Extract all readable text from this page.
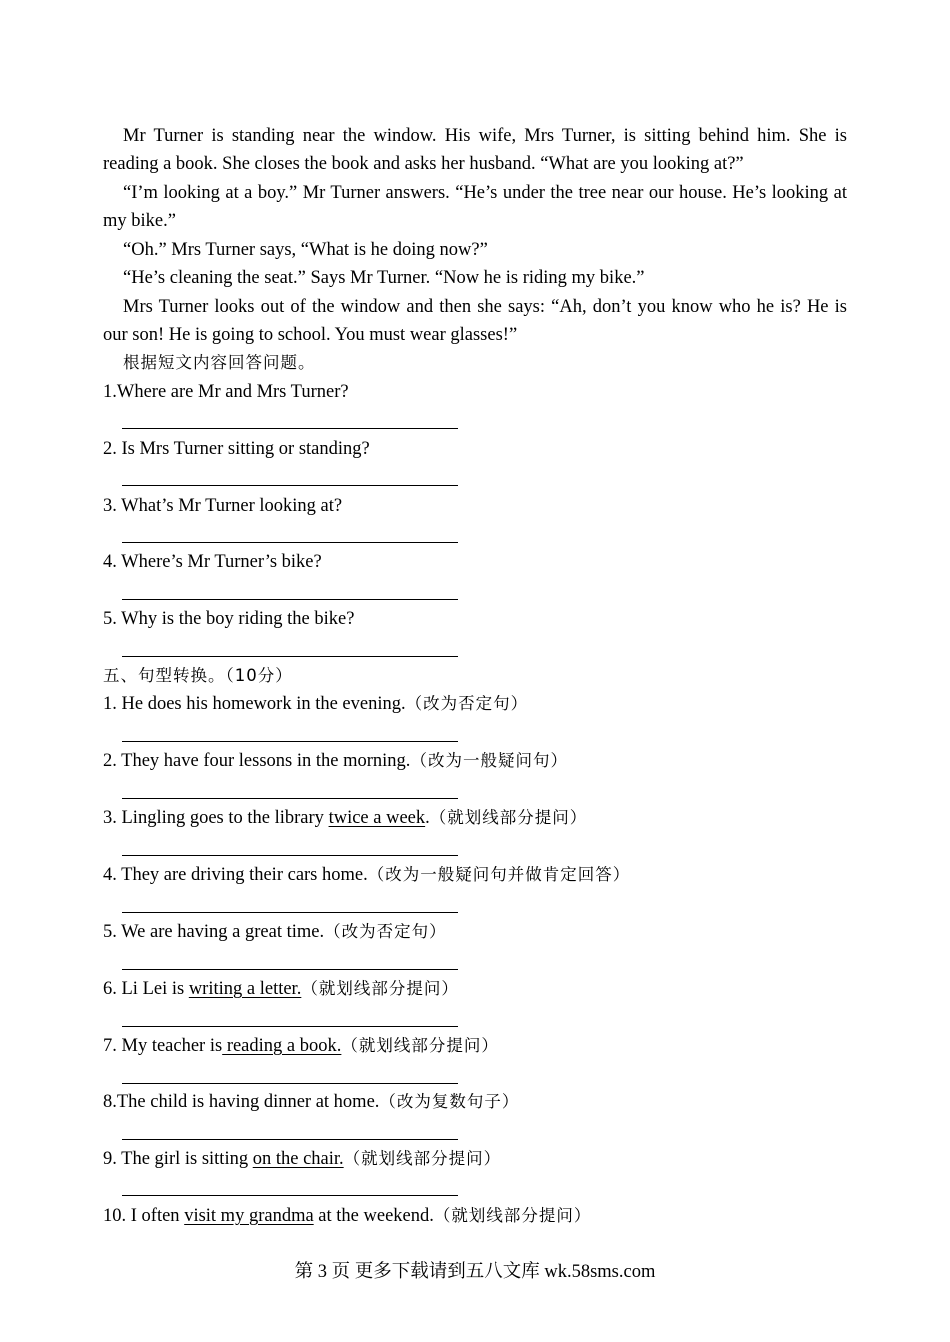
Mr Turner is standing near the window. His wife, Mrs Turner, is sitting behind him. She is reading a book. She closes the book and asks her husband. “What are you looking at?”

“I’m looking at a boy.” Mr Turner answers. “He’s under the tree near our house. He’s looking at my bike.”

“Oh.” Mrs Turner says, “What is he doing now?”

“He’s cleaning the seat.” Says Mr Turner. “Now he is riding my bike.”

Mrs Turner looks out of the window and then she says: “Ah, don’t you know who he is? He is our son! He is going to school. You must wear glasses!”

根据短文内容回答问题。
1.Where are Mr and Mrs Turner?
2. Is Mrs Turner sitting or standing?
3. What’s Mr Turner looking at?
4. Where’s Mr Turner’s bike?
5. Why is the boy riding the bike?
五、句型转换。（10分）
1. He does his homework in the evening.（改为否定句）
2. They have four lessons in the morning.（改为一般疑问句）
3. Lingling goes to the library twice a week.（就划线部分提问）
4. They are driving their cars home.（改为一般疑问句并做肯定回答）
5. We are having a great time.（改为否定句）
6. Li Lei is writing a letter.（就划线部分提问）
7. My teacher is reading a book.（就划线部分提问）
8.The child is having dinner at home.（改为复数句子）
9. The girl is sitting on the chair.（就划线部分提问）
10. I often visit my grandma at the weekend.（就划线部分提问）
第 3 页 更多下载请到五八文库 wk.58sms.com
